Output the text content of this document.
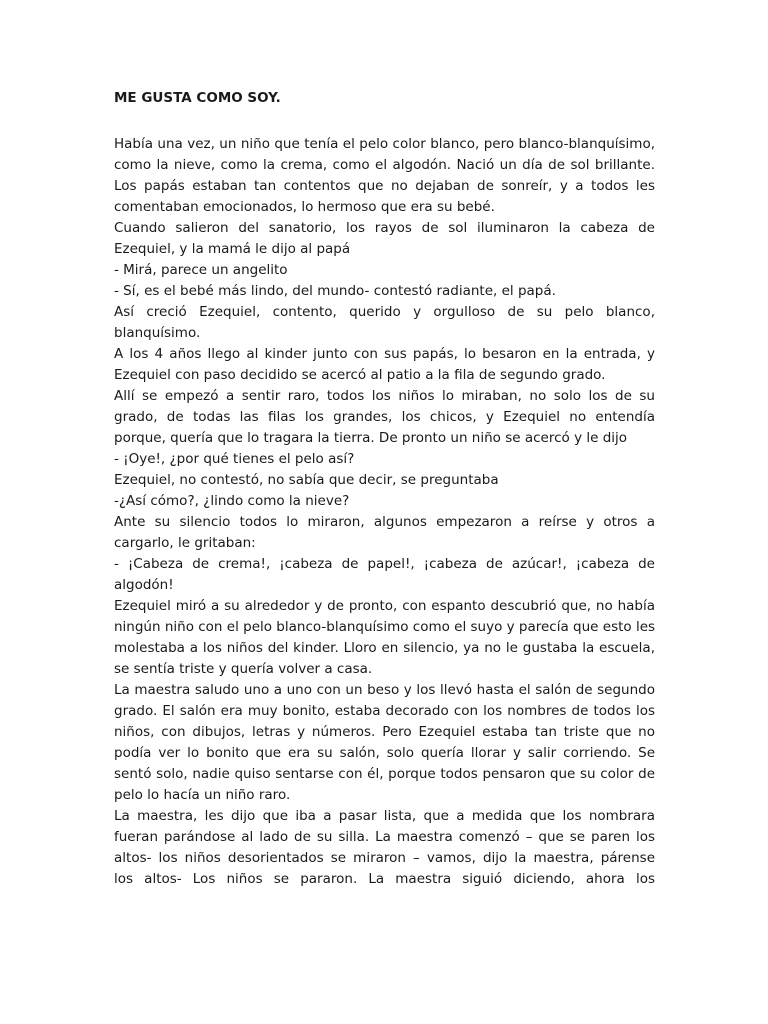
ME GUSTA COMO SOY.
Había una vez, un niño que tenía el pelo color blanco, pero blanco-blanquísimo,
como la nieve, como la crema, como el algodón. Nació un día de sol brillante.
Los papás estaban tan contentos que no dejaban de sonreír, y a todos les
comentaban emocionados, lo hermoso que era su bebé.
Cuando salieron del sanatorio, los rayos de sol iluminaron la cabeza de
Ezequiel, y la mamá le dijo al papá
- Mirá, parece un angelito
- Sí, es el bebé más lindo, del mundo- contestó radiante, el papá.
Así creció Ezequiel, contento, querido y orgulloso de su pelo blanco,
blanquísimo.
A los 4 años llego al kinder junto con sus papás, lo besaron en la entrada, y
Ezequiel con paso decidido se acercó al patio a la fila de segundo grado.
Allí se empezó a sentir raro, todos los niños lo miraban, no solo los de su
grado, de todas las filas los grandes, los chicos, y Ezequiel no entendía
porque, quería que lo tragara la tierra. De pronto un niño se acercó y le dijo
- ¡Oye!, ¿por qué tienes el pelo así?
Ezequiel, no contestó, no sabía que decir, se preguntaba
-¿Así cómo?, ¿lindo como la nieve?
Ante su silencio todos lo miraron, algunos empezaron a reírse y otros a
cargarlo, le gritaban:
- ¡Cabeza de crema!, ¡cabeza de papel!, ¡cabeza de azúcar!, ¡cabeza de
algodón!
Ezequiel miró a su alrededor y de pronto, con espanto descubrió que, no había
ningún niño con el pelo blanco-blanquísimo como el suyo y parecía que esto les
molestaba a los niños del kinder. Lloro en silencio, ya no le gustaba la escuela,
se sentía triste y quería volver a casa.
La maestra saludo uno a uno con un beso y los llevó hasta el salón de segundo
grado. El salón era muy bonito, estaba decorado con los nombres de todos los
niños, con dibujos, letras y números. Pero Ezequiel estaba tan triste que no
podía ver lo bonito que era su salón, solo quería llorar y salir corriendo. Se
sentó solo, nadie quiso sentarse con él, porque todos pensaron que su color de
pelo lo hacía un niño raro.
La maestra, les dijo que iba a pasar lista, que a medida que los nombrara
fueran parándose al lado de su silla. La maestra comenzó – que se paren los
altos- los niños desorientados se miraron – vamos, dijo la maestra, párense
los altos- Los niños se pararon. La maestra siguió diciendo, ahora los
